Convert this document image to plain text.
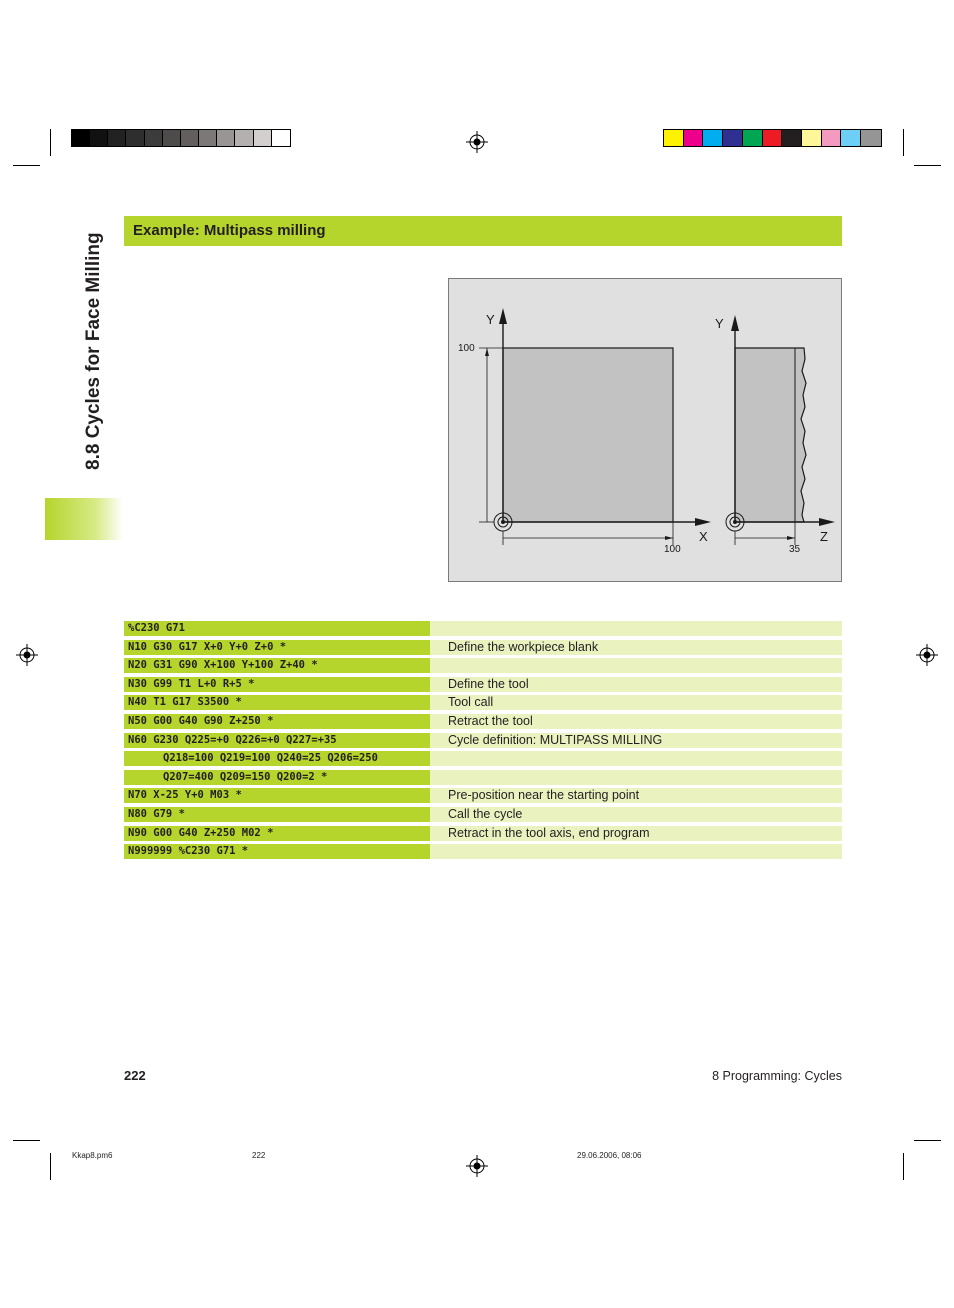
8.8 Cycles for Face Milling
Example: Multipass milling
Y
100
X
100
Y
Z
35
%C230 G71
N10 G30 G17 X+0 Y+0 Z+0 *	Define the workpiece blank
N20 G31 G90 X+100 Y+100 Z+40 *
N30 G99 T1 L+0 R+5 *	Define the tool
N40 T1 G17 S3500 *	Tool call
N50 G00 G40 G90 Z+250 *	Retract the tool
N60 G230 Q225=+0 Q226=+0 Q227=+35	Cycle definition: MULTIPASS MILLING
Q218=100 Q219=100 Q240=25 Q206=250
Q207=400 Q209=150 Q200=2 *
N70 X-25 Y+0 M03 *	Pre-position near the starting point
N80 G79 *	Call the cycle
N90 G00 G40 Z+250 M02 *	Retract in the tool axis, end program
N999999 %C230 G71 *
222	8 Programming: Cycles
Kkap8.pm6	222	29.06.2006, 08:06
